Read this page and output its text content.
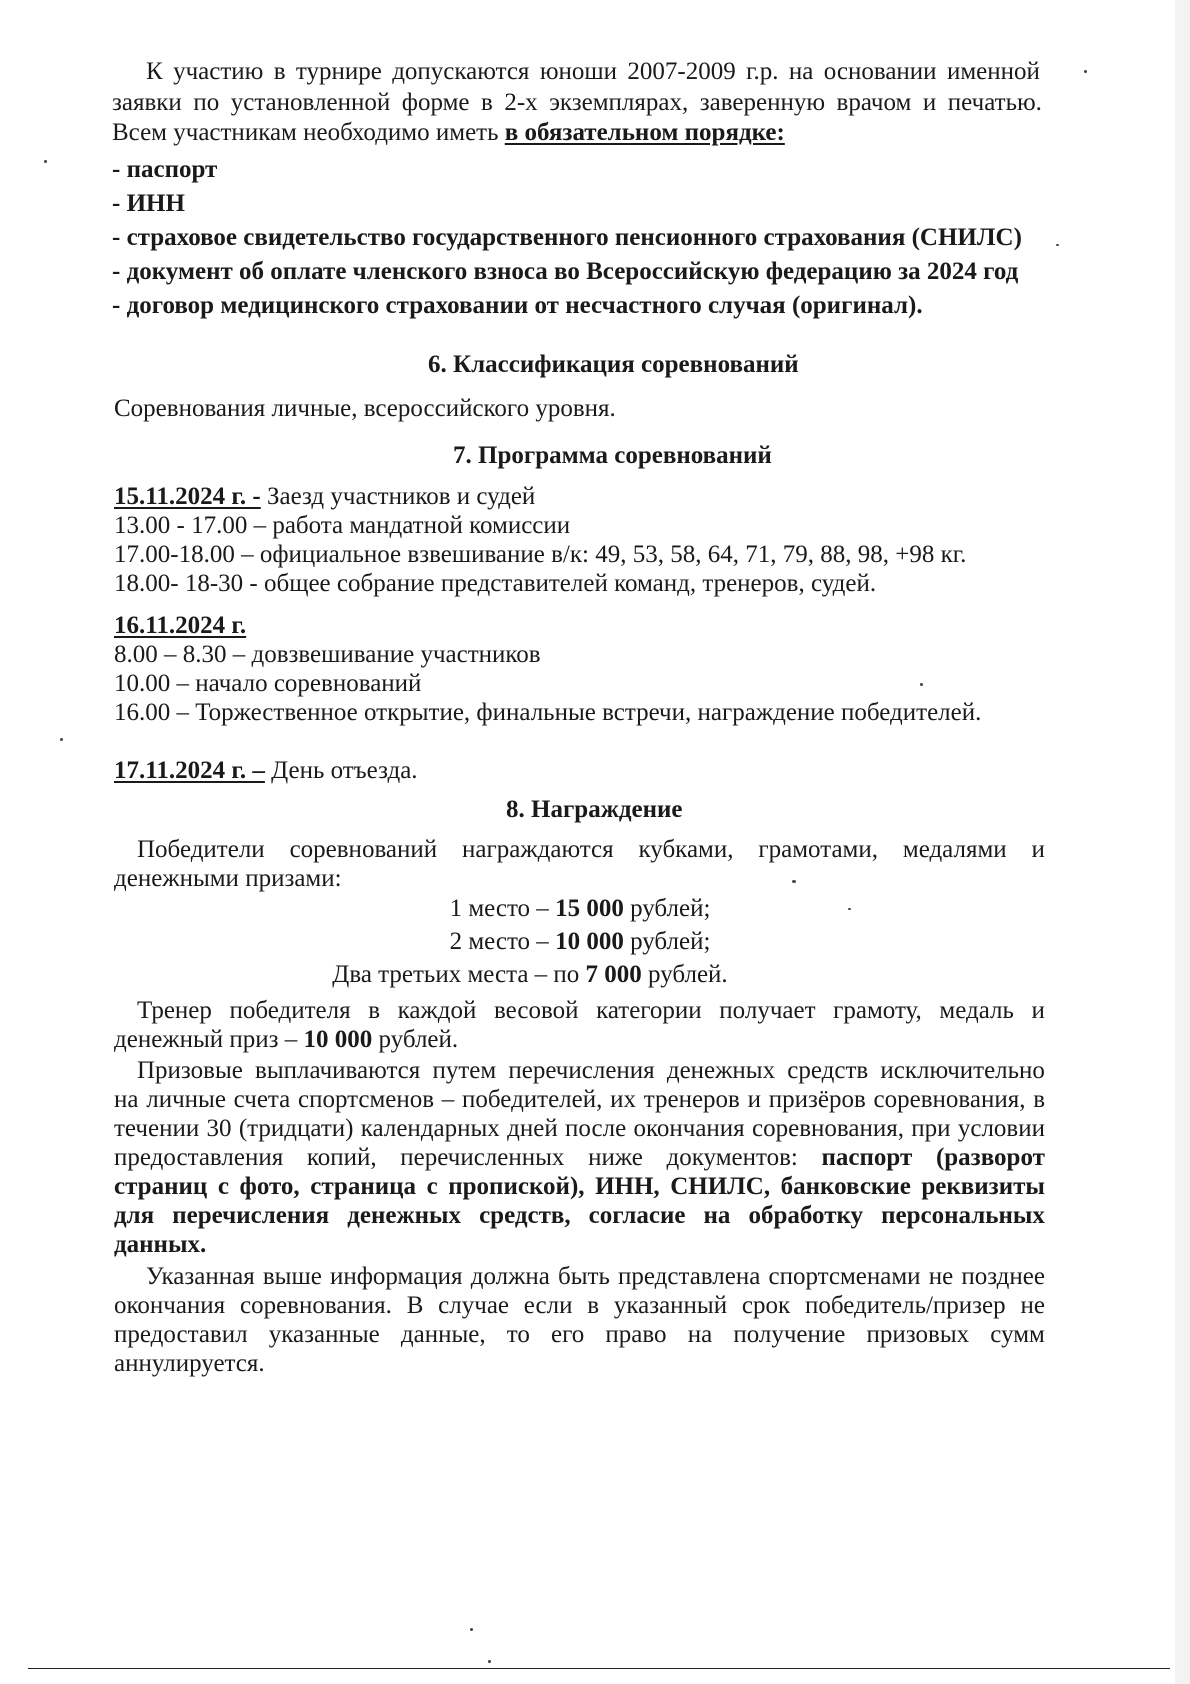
К участию в турнире допускаются юноши 2007-2009 г.р. на основании именной
заявки по установленной форме в 2-х экземплярах, заверенную врачом и печатью.
Всем участникам необходимо иметь в обязательном порядке:
- паспорт
- ИНН
- страховое свидетельство государственного пенсионного страхования (СНИЛС)
- документ об оплате членского взноса во Всероссийскую федерацию за 2024 год
- договор медицинского страховании от несчастного случая (оригинал).
6. Классификация соревнований
Соревнования личные, всероссийского уровня.
7. Программа соревнований
15.11.2024 г. - Заезд участников и судей
13.00 - 17.00 – работа мандатной комиссии
17.00-18.00 – официальное взвешивание в/к: 49, 53, 58, 64, 71, 79, 88, 98, +98 кг.
18.00- 18-30 - общее собрание представителей команд, тренеров, судей.
16.11.2024 г.
8.00 – 8.30 – довзвешивание участников
10.00 – начало соревнований
16.00 – Торжественное открытие, финальные встречи, награждение победителей.
17.11.2024 г. – День отъезда.
8. Награждение
Победители соревнований награждаются кубками, грамотами, медалями и
денежными призами:
1 место – 15 000 рублей;
2 место – 10 000 рублей;
Два третьих места – по 7 000 рублей.
Тренер победителя в каждой весовой категории получает грамоту, медаль и
денежный приз – 10 000 рублей.
Призовые выплачиваются путем перечисления денежных средств исключительно
на личные счета спортсменов – победителей, их тренеров и призёров соревнования, в
течении 30 (тридцати) календарных дней после окончания соревнования, при условии
предоставления копий, перечисленных ниже документов: паспорт (разворот
страниц с фото, страница с пропиской), ИНН, СНИЛС, банковские реквизиты
для перечисления денежных средств, согласие на обработку персональных
данных.
Указанная выше информация должна быть представлена спортсменами не позднее
окончания соревнования. В случае если в указанный срок победитель/призер не
предоставил указанные данные, то его право на получение призовых сумм
аннулируется.
